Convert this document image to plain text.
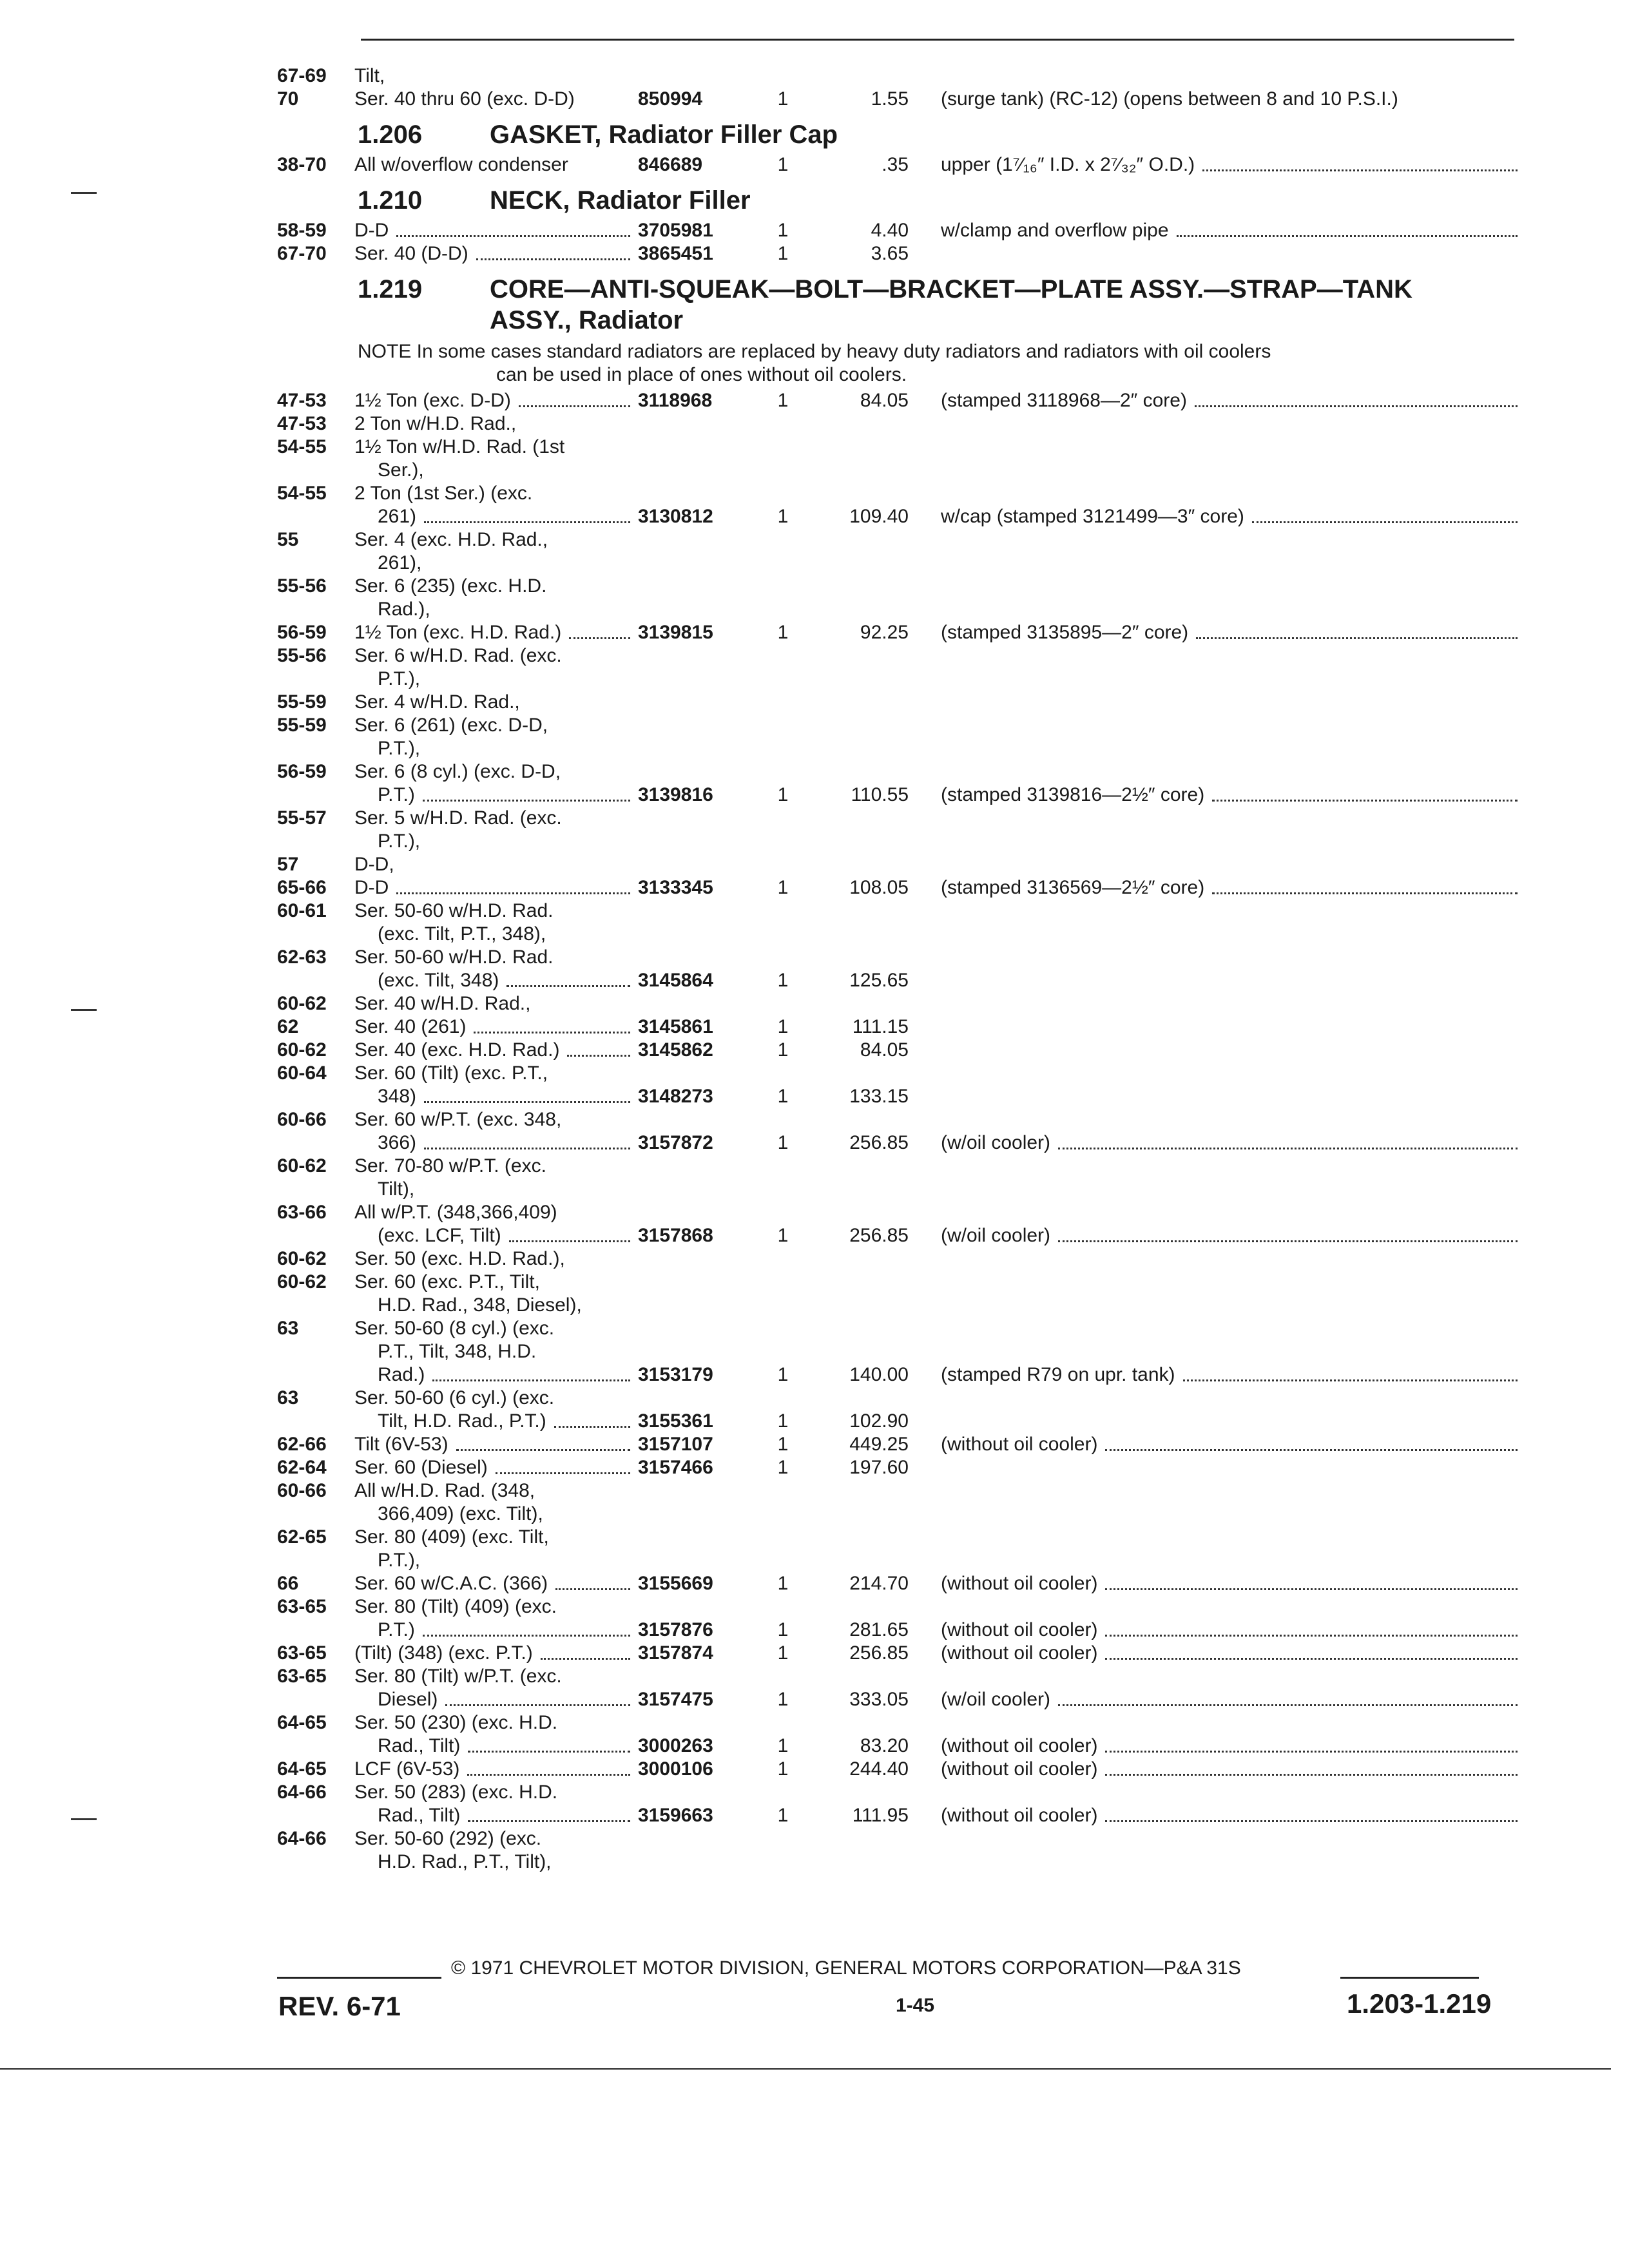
67-69	Tilt,
70	Ser. 40 thru 60 (exc. D-D)	850994	1	1.55 (surge tank) (RC-12) (opens between 8 and 10 P.S.I.)
1.206	GASKET, Radiator Filler Cap
38-70	All w/overflow condenser	846689	1	.35 upper (1⁷⁄₁₆″ I.D. x 2⁷⁄₃₂″ O.D.)
1.210	NECK, Radiator Filler
58-59	D-D	3705981	1	4.40 w/clamp and overflow pipe
67-70	Ser. 40 (D-D)	3865451	1	3.65
1.219	CORE—ANTI-SQUEAK—BOLT—BRACKET—PLATE ASSY.—STRAP—TANK
ASSY., Radiator
NOTE In some cases standard radiators are replaced by heavy duty radiators and radiators with oil coolers
can be used in place of ones without oil coolers.
47-53	1½ Ton (exc. D-D)	3118968	1	84.05 (stamped 3118968—2″ core)
47-53	2 Ton w/H.D. Rad.,
54-55	1½ Ton w/H.D. Rad. (1st
Ser.),
54-55	2 Ton (1st Ser.) (exc.
261)	3130812	1	109.40 w/cap (stamped 3121499—3″ core)
55	Ser. 4 (exc. H.D. Rad.,
261),
55-56	Ser. 6 (235) (exc. H.D.
Rad.),
56-59	1½ Ton (exc. H.D. Rad.)	3139815	1	92.25 (stamped 3135895—2″ core)
55-56	Ser. 6 w/H.D. Rad. (exc.
P.T.),
55-59	Ser. 4 w/H.D. Rad.,
55-59	Ser. 6 (261) (exc. D-D,
P.T.),
56-59	Ser. 6 (8 cyl.) (exc. D-D,
P.T.)	3139816	1	110.55 (stamped 3139816—2½″ core)
55-57	Ser. 5 w/H.D. Rad. (exc.
P.T.),
57	D-D,
65-66	D-D	3133345	1	108.05 (stamped 3136569—2½″ core)
60-61	Ser. 50-60 w/H.D. Rad.
(exc. Tilt, P.T., 348),
62-63	Ser. 50-60 w/H.D. Rad.
(exc. Tilt, 348)	3145864	1	125.65
60-62	Ser. 40 w/H.D. Rad.,
62	Ser. 40 (261)	3145861	1	111.15
60-62	Ser. 40 (exc. H.D. Rad.)	3145862	1	84.05
60-64	Ser. 60 (Tilt) (exc. P.T.,
348)	3148273	1	133.15
60-66	Ser. 60 w/P.T. (exc. 348,
366)	3157872	1	256.85 (w/oil cooler)
60-62	Ser. 70-80 w/P.T. (exc.
Tilt),
63-66	All w/P.T. (348,366,409)
(exc. LCF, Tilt)	3157868	1	256.85 (w/oil cooler)
60-62	Ser. 50 (exc. H.D. Rad.),
60-62	Ser. 60 (exc. P.T., Tilt,
H.D. Rad., 348, Diesel),
63	Ser. 50-60 (8 cyl.) (exc.
P.T., Tilt, 348, H.D.
Rad.)	3153179	1	140.00 (stamped R79 on upr. tank)
63	Ser. 50-60 (6 cyl.) (exc.
Tilt, H.D. Rad., P.T.)	3155361	1	102.90
62-66	Tilt (6V-53)	3157107	1	449.25 (without oil cooler)
62-64	Ser. 60 (Diesel)	3157466	1	197.60
60-66	All w/H.D. Rad. (348,
366,409) (exc. Tilt),
62-65	Ser. 80 (409) (exc. Tilt,
P.T.),
66	Ser. 60 w/C.A.C. (366)	3155669	1	214.70 (without oil cooler)
63-65	Ser. 80 (Tilt) (409) (exc.
P.T.)	3157876	1	281.65 (without oil cooler)
63-65	(Tilt) (348) (exc. P.T.)	3157874	1	256.85 (without oil cooler)
63-65	Ser. 80 (Tilt) w/P.T. (exc.
Diesel)	3157475	1	333.05 (w/oil cooler)
64-65	Ser. 50 (230) (exc. H.D.
Rad., Tilt)	3000263	1	83.20 (without oil cooler)
64-65	LCF (6V-53)	3000106	1	244.40 (without oil cooler)
64-66	Ser. 50 (283) (exc. H.D.
Rad., Tilt)	3159663	1	111.95 (without oil cooler)
64-66	Ser. 50-60 (292) (exc.
H.D. Rad., P.T., Tilt),
© 1971 CHEVROLET MOTOR DIVISION, GENERAL MOTORS CORPORATION—P&A 31S
REV. 6-71	1-45	1.203-1.219
